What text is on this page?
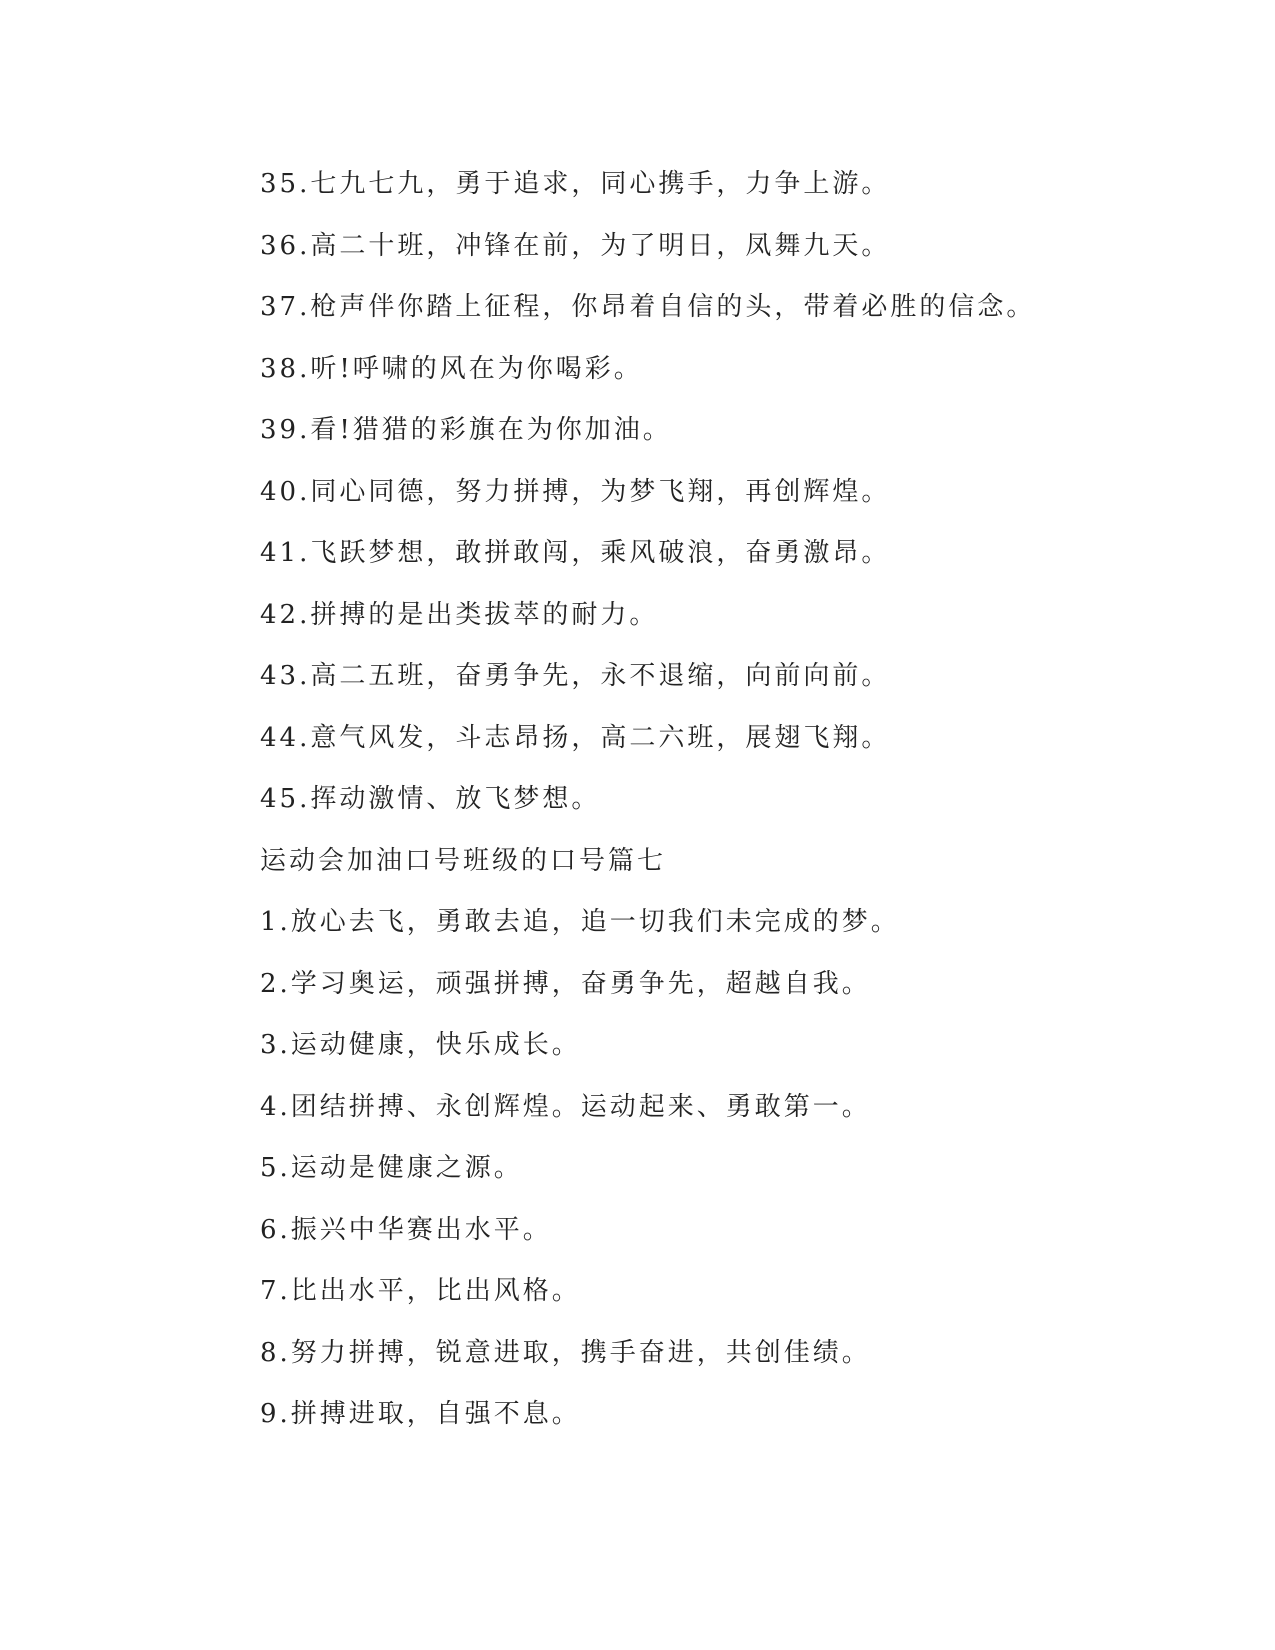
35.七九七九，勇于追求，同心携手，力争上游。
36.高二十班，冲锋在前，为了明日，凤舞九天。
37.枪声伴你踏上征程，你昂着自信的头，带着必胜的信念。
38.听!呼啸的风在为你喝彩。
39.看!猎猎的彩旗在为你加油。
40.同心同德，努力拼搏，为梦飞翔，再创辉煌。
41.飞跃梦想，敢拼敢闯，乘风破浪，奋勇激昂。
42.拼搏的是出类拔萃的耐力。
43.高二五班，奋勇争先，永不退缩，向前向前。
44.意气风发，斗志昂扬，高二六班，展翅飞翔。
45.挥动激情、放飞梦想。
运动会加油口号班级的口号篇七
1.放心去飞，勇敢去追，追一切我们未完成的梦。
2.学习奥运，顽强拼搏，奋勇争先，超越自我。
3.运动健康，快乐成长。
4.团结拼搏、永创辉煌。运动起来、勇敢第一。
5.运动是健康之源。
6.振兴中华赛出水平。
7.比出水平，比出风格。
8.努力拼搏，锐意进取，携手奋进，共创佳绩。
9.拼搏进取，自强不息。
